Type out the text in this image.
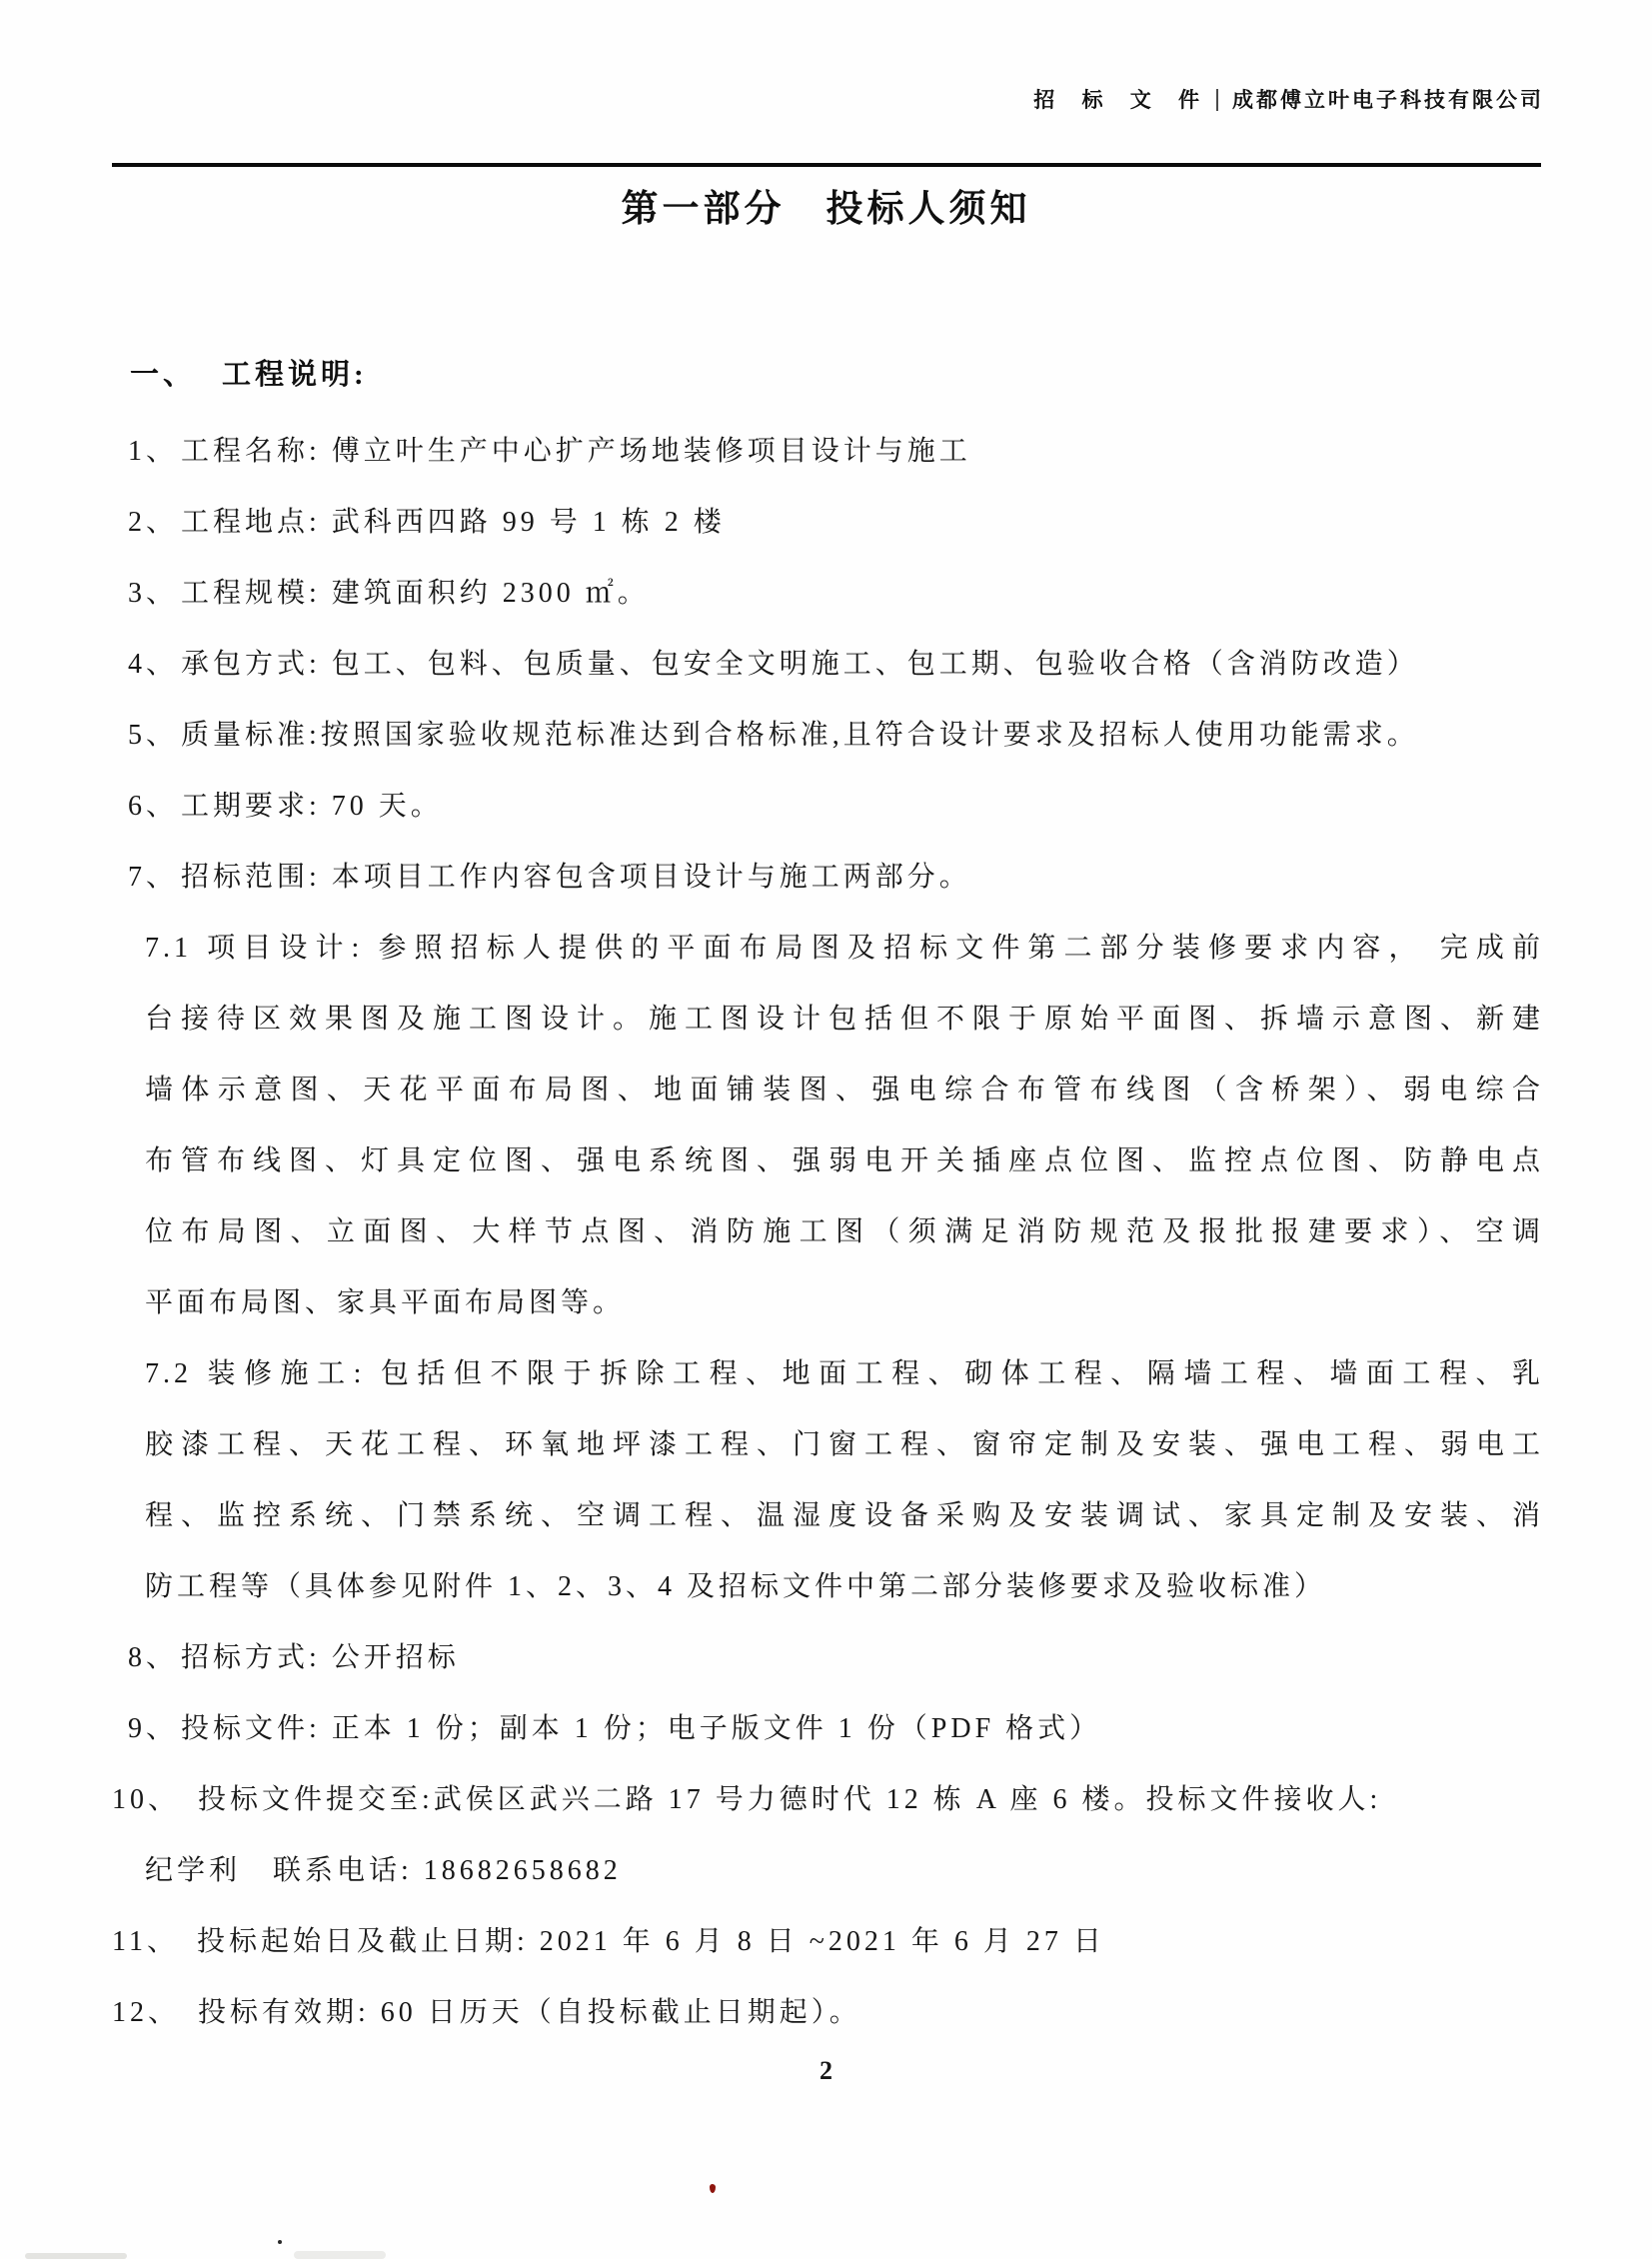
招 标 文 件 成都傅立叶电子科技有限公司
第一部分　投标人须知
一、 工程说明:
1、 工程名称: 傅立叶生产中心扩产场地装修项目设计与施工
2、 工程地点: 武科西四路 99 号 1 栋 2 楼
3、 工程规模: 建筑面积约 2300 ㎡。
4、 承包方式: 包工、包料、包质量、包安全文明施工、包工期、包验收合格（含消防改造）
5、 质量标准:按照国家验收规范标准达到合格标准,且符合设计要求及招标人使用功能需求。
6、 工期要求: 70 天。
7、 招标范围: 本项目工作内容包含项目设计与施工两部分。
7.1 项目设计: 参照招标人提供的平面布局图及招标文件第二部分装修要求内容， 完成前
台接待区效果图及施工图设计。施工图设计包括但不限于原始平面图、拆墙示意图、新建
墙体示意图、天花平面布局图、地面铺装图、强电综合布管布线图（含桥架）、弱电综合
布管布线图、灯具定位图、强电系统图、强弱电开关插座点位图、监控点位图、防静电点
位布局图、立面图、大样节点图、消防施工图（须满足消防规范及报批报建要求）、空调
平面布局图、家具平面布局图等。
7.2 装修施工: 包括但不限于拆除工程、地面工程、砌体工程、隔墙工程、墙面工程、乳
胶漆工程、天花工程、环氧地坪漆工程、门窗工程、窗帘定制及安装、强电工程、弱电工
程、监控系统、门禁系统、空调工程、温湿度设备采购及安装调试、家具定制及安装、消
防工程等（具体参见附件 1、2、3、4 及招标文件中第二部分装修要求及验收标准）
8、 招标方式: 公开招标
9、 投标文件: 正本 1 份；副本 1 份；电子版文件 1 份（PDF 格式）
10、 投标文件提交至:武侯区武兴二路 17 号力德时代 12 栋 A 座 6 楼。投标文件接收人:
纪学利　联系电话: 18682658682
11、 投标起始日及截止日期: 2021 年 6 月 8 日 ~2021 年 6 月 27 日
12、 投标有效期: 60 日历天（自投标截止日期起）。
2
